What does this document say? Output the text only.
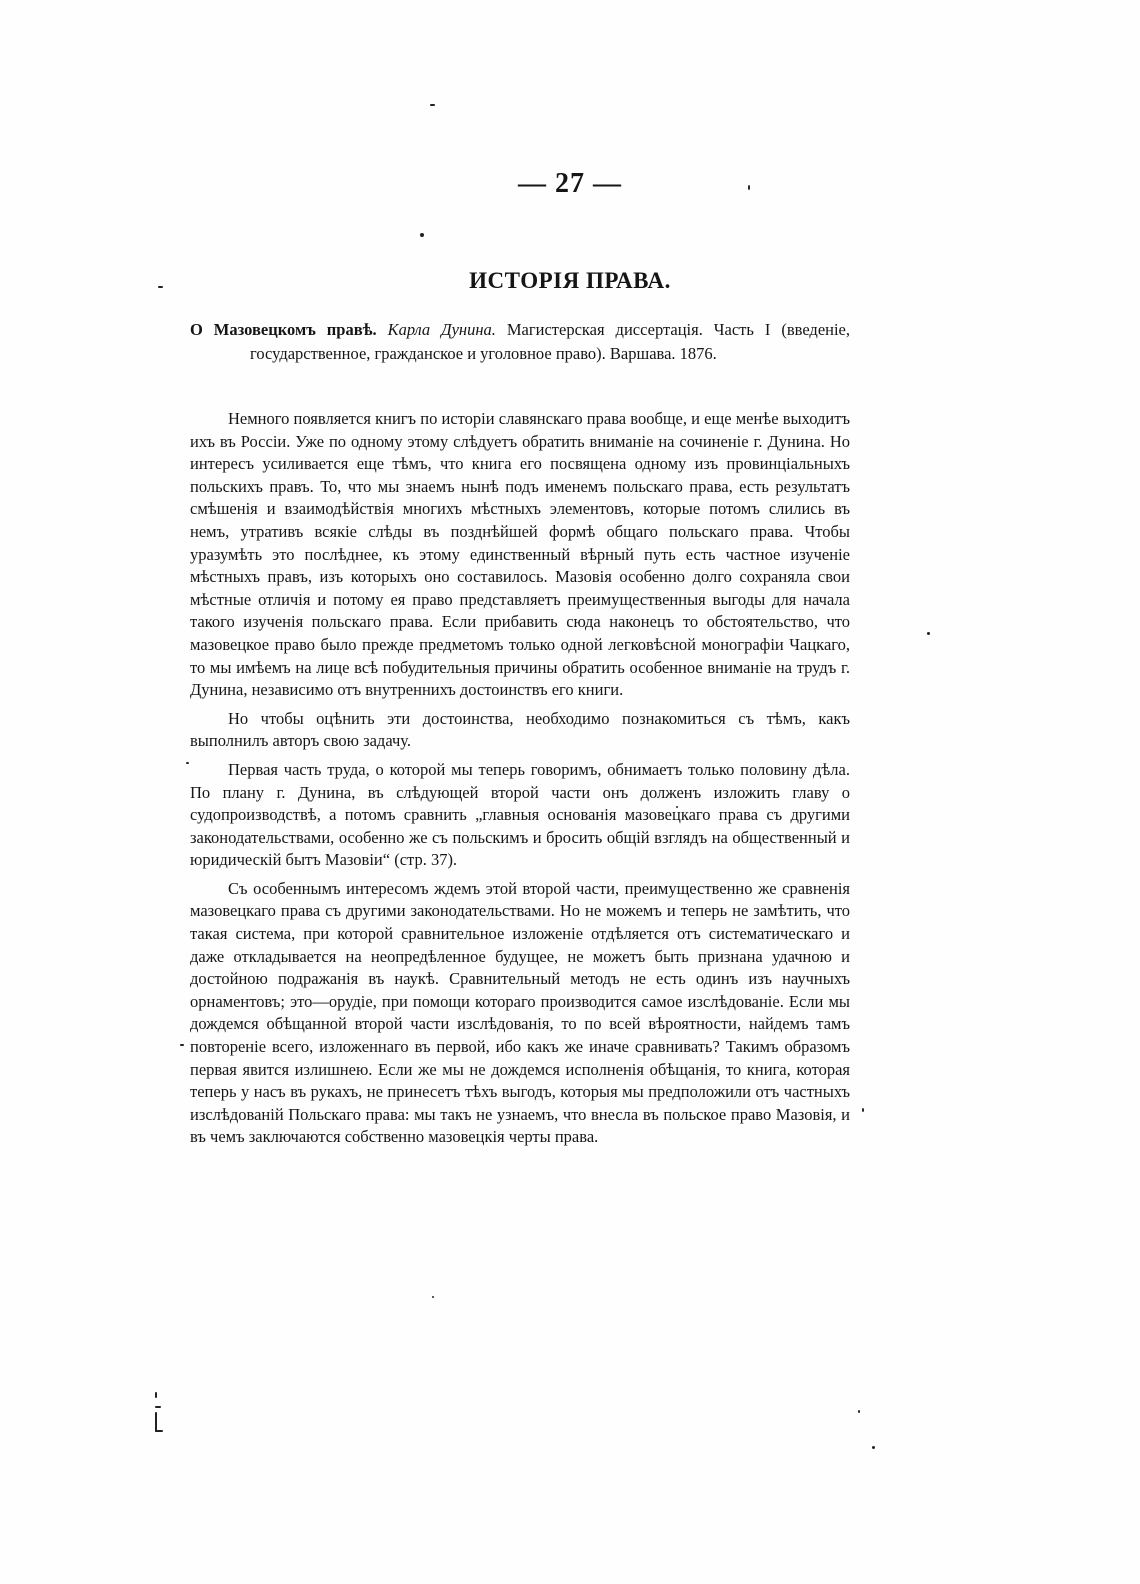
— 27 —
ИСТОРІЯ ПРАВА.
О Мазовецкомъ правѣ. Карла Дунина. Магистерская диссертація. Часть I (введеніе, государственное, гражданское и уголовное право). Варшава. 1876.

Немного появляется книгъ по исторіи славянскаго права вообще, и еще менѣе выходитъ ихъ въ Россіи. Уже по одному этому слѣдуетъ обратить вниманіе на сочиненіе г. Дунина. Но интересъ усиливается еще тѣмъ, что книга его посвящена одному изъ провинціальныхъ польскихъ правъ. То, что мы знаемъ нынѣ подъ именемъ польскаго права, есть результатъ смѣшенія и взаимодѣйствія многихъ мѣстныхъ элементовъ, которые потомъ слились въ немъ, утративъ всякіе слѣды въ позднѣйшей формѣ общаго польскаго права. Чтобы уразумѣть это послѣднее, къ этому единственный вѣрный путь есть частное изученіе мѣстныхъ правъ, изъ которыхъ оно составилось. Мазовія особенно долго сохраняла свои мѣстные отличія и потому ея право представляетъ преимущественныя выгоды для начала такого изученія польскаго права. Если прибавить сюда наконецъ то обстоятельство, что мазовецкое право было прежде предметомъ только одной легковѣсной монографіи Чацкаго, то мы имѣемъ на лице всѣ побудительныя причины обратить особенное вниманіе на трудъ г. Дунина, независимо отъ внутреннихъ достоинствъ его книги.

Но чтобы оцѣнить эти достоинства, необходимо познакомиться съ тѣмъ, какъ выполнилъ авторъ свою задачу.

Первая часть труда, о которой мы теперь говоримъ, обнимаетъ только половину дѣла. По плану г. Дунина, въ слѣдующей второй части онъ долженъ изложить главу о судопроизводствѣ, а потомъ сравнить „главныя основанія мазовецкаго права съ другими законодательствами, особенно же съ польскимъ и бросить общій взглядъ на общественный и юридическій бытъ Мазовіи“ (стр. 37).

Съ особеннымъ интересомъ ждемъ этой второй части, преимущественно же сравненія мазовецкаго права съ другими законодательствами. Но не можемъ и теперь не замѣтить, что такая система, при которой сравнительное изложеніе отдѣляется отъ систематическаго и даже откладывается на неопредѣленное будущее, не можетъ быть признана удачною и достойною подражанія въ наукѣ. Сравнительный методъ не есть одинъ изъ научныхъ орнаментовъ; это—орудіе, при помощи котораго производится самое изслѣдованіе. Если мы дождемся обѣщанной второй части изслѣдованія, то по всей вѣроятности, найдемъ тамъ повтореніе всего, изложеннаго въ первой, ибо какъ же иначе сравнивать? Такимъ образомъ первая явится излишнею. Если же мы не дождемся исполненія обѣщанія, то книга, которая теперь у насъ въ рукахъ, не принесетъ тѣхъ выгодъ, которыя мы предположили отъ частныхъ изслѣдованій Польскаго права: мы такъ не узнаемъ, что внесла въ польское право Мазовія, и въ чемъ заключаются собственно мазовецкія черты права.
